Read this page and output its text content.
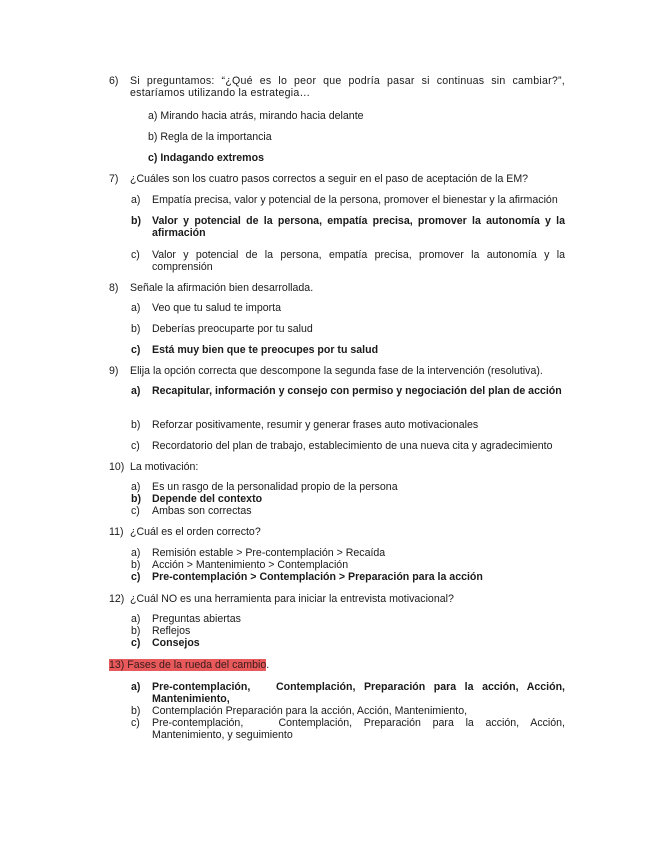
6) Si preguntamos: “¿Qué es lo peor que podría pasar si continuas sin cambiar?”, estaríamos utilizando la estrategia…
a) Mirando hacia atrás, mirando hacia delante
b) Regla de la importancia
c) Indagando extremos
7) ¿Cuáles son los cuatro pasos correctos a seguir en el paso de aceptación de la EM?
a) Empatía precisa, valor y potencial de la persona, promover el bienestar y la afirmación
b) Valor y potencial de la persona, empatía precisa, promover la autonomía y la afirmación
c) Valor y potencial de la persona, empatía precisa, promover la autonomía y la comprensión
8) Señale la afirmación bien desarrollada.
a) Veo que tu salud te importa
b) Deberías preocuparte por tu salud
c) Está muy bien que te preocupes por tu salud
9) Elija la opción correcta que descompone la segunda fase de la intervención (resolutiva).
a) Recapitular, información y consejo con permiso y negociación del plan de acción
b) Reforzar positivamente, resumir y generar frases auto motivacionales
c) Recordatorio del plan de trabajo, establecimiento de una nueva cita y agradecimiento
10) La motivación:
a) Es un rasgo de la personalidad propio de la persona
b) Depende del contexto
c) Ambas son correctas
11) ¿Cuál es el orden correcto?
a) Remisión estable > Pre-contemplación > Recaída
b) Acción > Mantenimiento > Contemplación
c) Pre-contemplación > Contemplación > Preparación para la acción
12) ¿Cuál NO es una herramienta para iniciar la entrevista motivacional?
a) Preguntas abiertas
b) Reflejos
c) Consejos
13) Fases de la rueda del cambio.
a) Pre-contemplación,   Contemplación, Preparación para la acción, Acción, Mantenimiento,
b) Contemplación Preparación para la acción, Acción, Mantenimiento,
c) Pre-contemplación,   Contemplación, Preparación para la acción, Acción, Mantenimiento, y seguimiento
